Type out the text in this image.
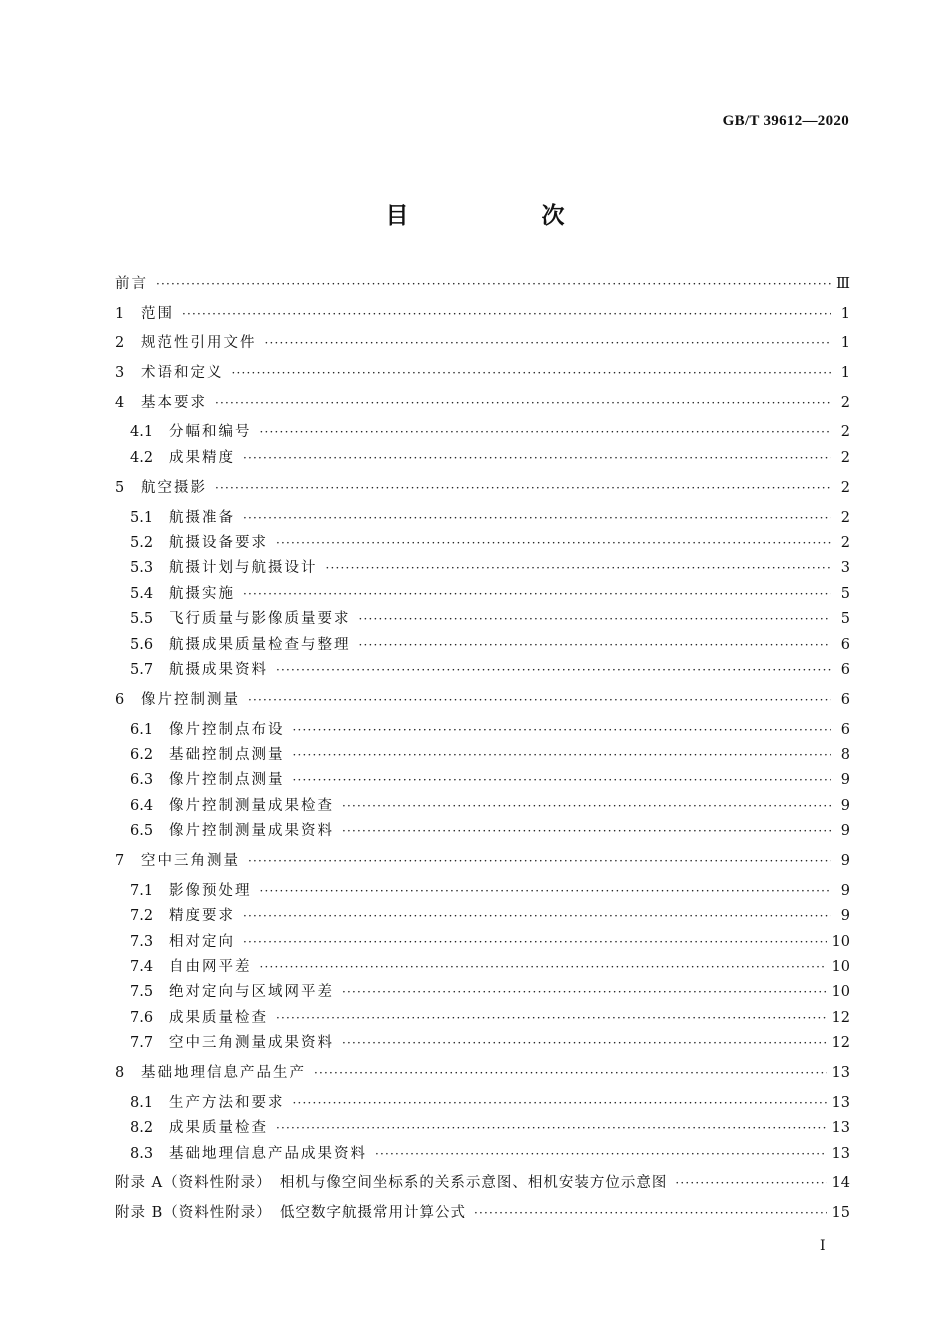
GB/T 39612—2020
目　次
前言 ·····	Ⅲ
1	范围 ·····	1
2	规范性引用文件 ·····	1
3	术语和定义 ·····	1
4	基本要求 ·····	2
4.1	分幅和编号 ·····	2
4.2	成果精度 ·····	2
5	航空摄影 ·····	2
5.1	航摄准备 ·····	2
5.2	航摄设备要求 ·····	2
5.3	航摄计划与航摄设计 ·····	3
5.4	航摄实施 ·····	5
5.5	飞行质量与影像质量要求 ·····	5
5.6	航摄成果质量检查与整理 ·····	6
5.7	航摄成果资料 ·····	6
6	像片控制测量 ·····	6
6.1	像片控制点布设 ·····	6
6.2	基础控制点测量 ·····	8
6.3	像片控制点测量 ·····	9
6.4	像片控制测量成果检查 ·····	9
6.5	像片控制测量成果资料 ·····	9
7	空中三角测量 ·····	9
7.1	影像预处理 ·····	9
7.2	精度要求 ·····	9
7.3	相对定向 ·····	10
7.4	自由网平差 ·····	10
7.5	绝对定向与区域网平差 ·····	10
7.6	成果质量检查 ·····	12
7.7	空中三角测量成果资料 ·····	12
8	基础地理信息产品生产 ·····	13
8.1	生产方法和要求 ·····	13
8.2	成果质量检查 ·····	13
8.3	基础地理信息产品成果资料 ·····	13
附录 A（资料性附录）　相机与像空间坐标系的关系示意图、相机安装方位示意图 ·····	14
附录 B（资料性附录）　低空数字航摄常用计算公式 ·····	15
I
